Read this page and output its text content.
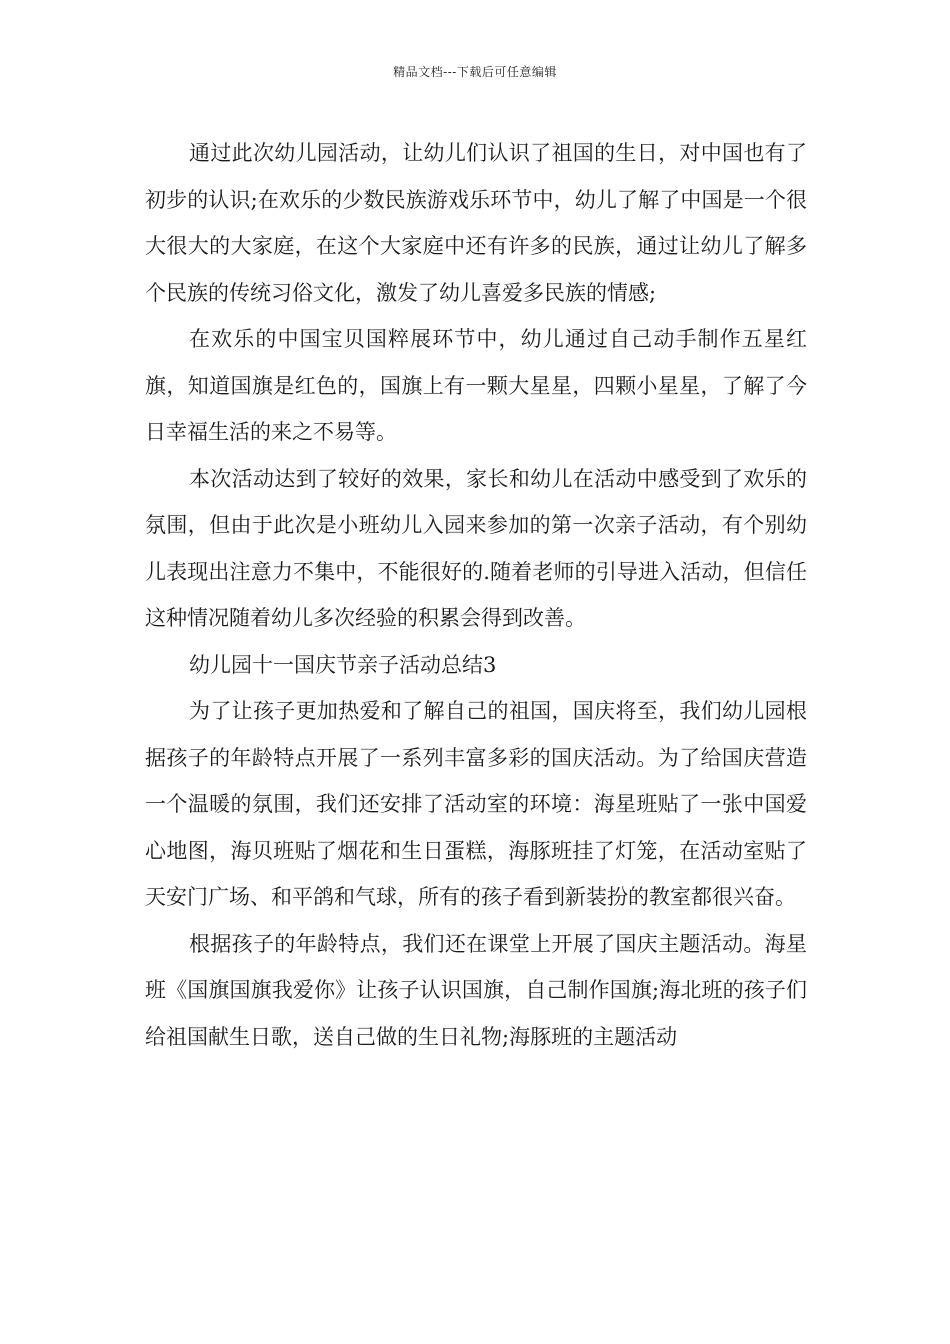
精品文档---下载后可任意编辑

通过此次幼儿园活动，让幼儿们认识了祖国的生日，对中国也有了初步的认识;在欢乐的少数民族游戏乐环节中，幼儿了解了中国是一个很大很大的大家庭，在这个大家庭中还有许多的民族，通过让幼儿了解多个民族的传统习俗文化，激发了幼儿喜爱多民族的情感;

在欢乐的中国宝贝国粹展环节中，幼儿通过自己动手制作五星红旗，知道国旗是红色的，国旗上有一颗大星星，四颗小星星，了解了今日幸福生活的来之不易等。

本次活动达到了较好的效果，家长和幼儿在活动中感受到了欢乐的氛围，但由于此次是小班幼儿入园来参加的第一次亲子活动，有个别幼儿表现出注意力不集中，不能很好的.随着老师的引导进入活动，但信任这种情况随着幼儿多次经验的积累会得到改善。

幼儿园十一国庆节亲子活动总结3

为了让孩子更加热爱和了解自己的祖国，国庆将至，我们幼儿园根据孩子的年龄特点开展了一系列丰富多彩的国庆活动。为了给国庆营造一个温暖的氛围，我们还安排了活动室的环境：海星班贴了一张中国爱心地图，海贝班贴了烟花和生日蛋糕，海豚班挂了灯笼，在活动室贴了天安门广场、和平鸽和气球，所有的孩子看到新装扮的教室都很兴奋。

根据孩子的年龄特点，我们还在课堂上开展了国庆主题活动。海星班《国旗国旗我爱你》让孩子认识国旗，自己制作国旗;海北班的孩子们给祖国献生日歌，送自己做的生日礼物;海豚班的主题活动
